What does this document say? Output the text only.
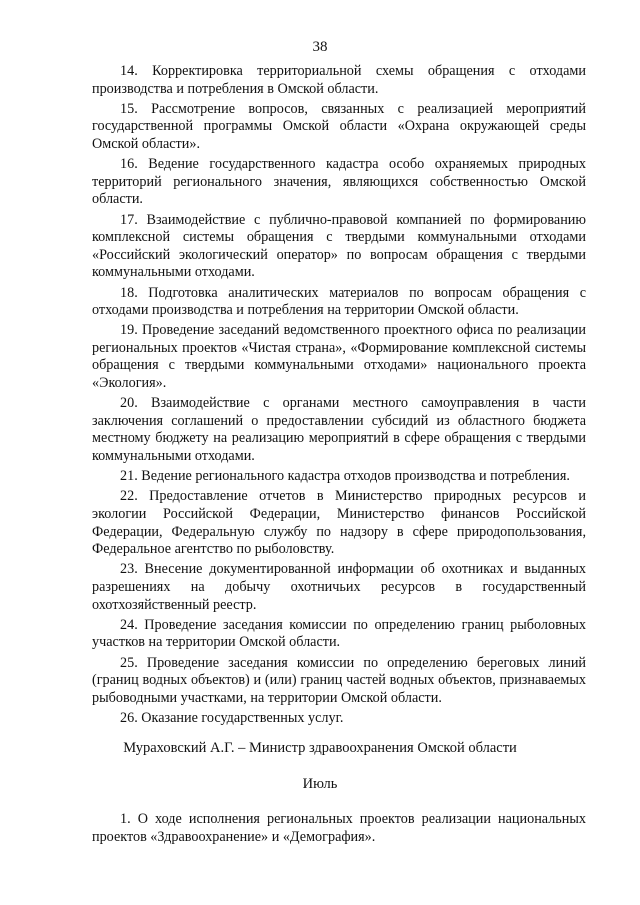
38

14. Корректировка территориальной схемы обращения с отходами производства и потребления в Омской области.

15. Рассмотрение вопросов, связанных с реализацией мероприятий государственной программы Омской области «Охрана окружающей среды Омской области».

16. Ведение государственного кадастра особо охраняемых природных территорий регионального значения, являющихся собственностью Омской области.

17. Взаимодействие с публично-правовой компанией по формированию комплексной системы обращения с твердыми коммунальными отходами «Российский экологический оператор» по вопросам обращения с твердыми коммунальными отходами.

18. Подготовка аналитических материалов по вопросам обращения с отходами производства и потребления на территории Омской области.

19. Проведение заседаний ведомственного проектного офиса по реализации региональных проектов «Чистая страна», «Формирование комплексной системы обращения с твердыми коммунальными отходами» национального проекта «Экология».

20. Взаимодействие с органами местного самоуправления в части заключения соглашений о предоставлении субсидий из областного бюджета местному бюджету на реализацию мероприятий в сфере обращения с твердыми коммунальными отходами.

21. Ведение регионального кадастра отходов производства и потребления.

22. Предоставление отчетов в Министерство природных ресурсов и экологии Российской Федерации, Министерство финансов Российской Федерации, Федеральную службу по надзору в сфере природопользования, Федеральное агентство по рыболовству.

23. Внесение документированной информации об охотниках и выданных разрешениях на добычу охотничьих ресурсов в государственный охотхозяйственный реестр.

24. Проведение заседания комиссии по определению границ рыболовных участков на территории Омской области.

25. Проведение заседания комиссии по определению береговых линий (границ водных объектов) и (или) границ частей водных объектов, признаваемых рыбоводными участками, на территории Омской области.

26. Оказание государственных услуг.

Мураховский А.Г. – Министр здравоохранения Омской области
Июль

1. О ходе исполнения региональных проектов реализации национальных проектов «Здравоохранение» и «Демография».
